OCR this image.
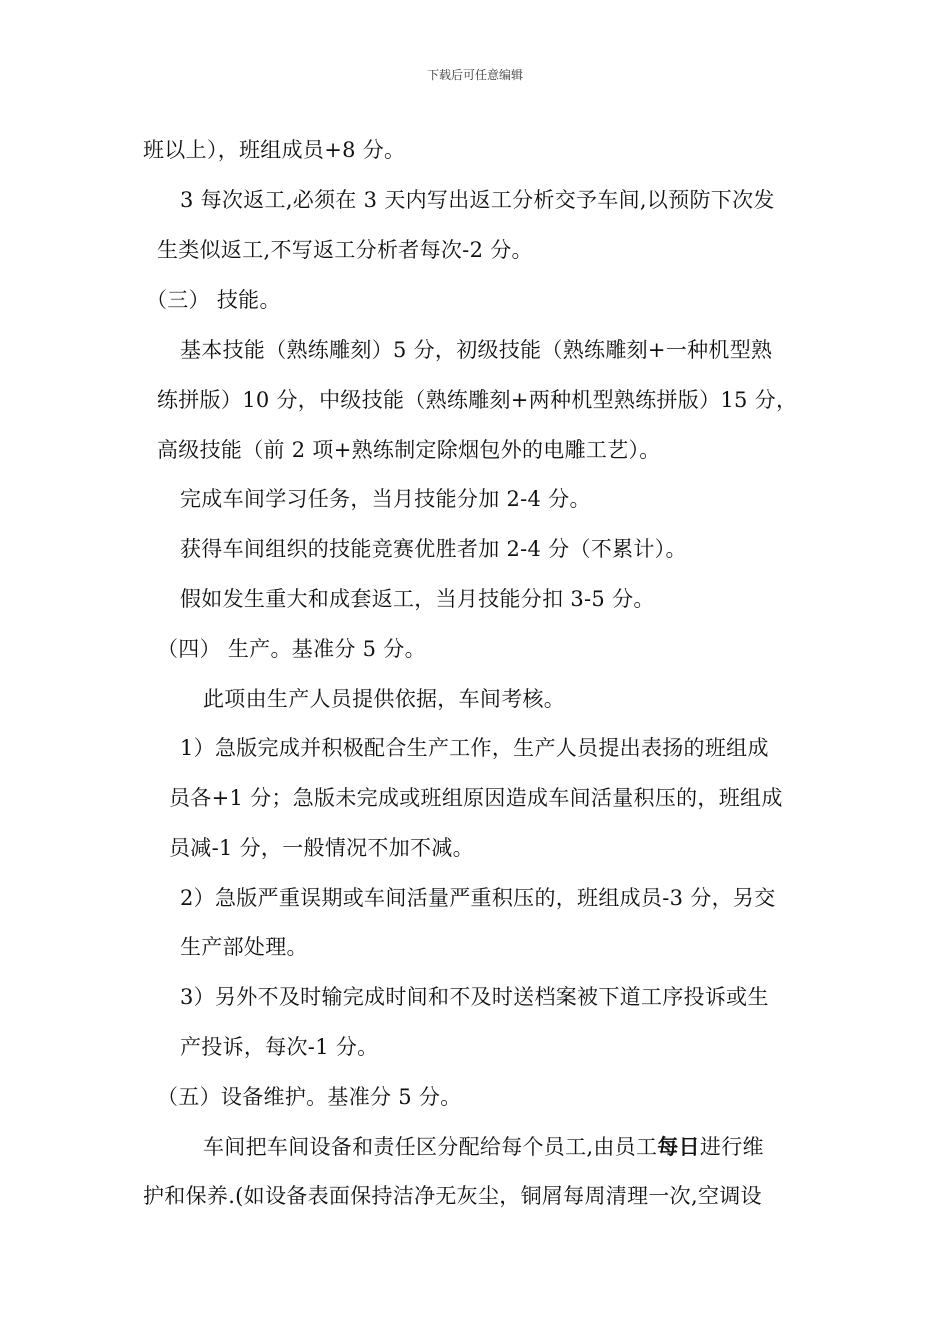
下载后可任意编辑
班以上），班组成员+8 分。
3 每次返工,必须在 3 天内写出返工分析交予车间,以预防下次发
生类似返工,不写返工分析者每次-2 分。
（三） 技能。
基本技能（熟练雕刻）5 分，初级技能（熟练雕刻+一种机型熟
练拼版）10 分，中级技能（熟练雕刻+两种机型熟练拼版）15 分，
高级技能（前 2 项+熟练制定除烟包外的电雕工艺）。
完成车间学习任务，当月技能分加 2-4 分。
获得车间组织的技能竞赛优胜者加 2-4 分（不累计）。
假如发生重大和成套返工，当月技能分扣 3-5 分。
（四） 生产。基准分 5 分。
此项由生产人员提供依据，车间考核。
1）急版完成并积极配合生产工作，生产人员提出表扬的班组成
员各+1 分；急版未完成或班组原因造成车间活量积压的，班组成
员减-1 分，一般情况不加不减。
2）急版严重误期或车间活量严重积压的，班组成员-3 分，另交
生产部处理。
3）另外不及时输完成时间和不及时送档案被下道工序投诉或生
产投诉，每次-1 分。
（五）设备维护。基准分 5 分。
车间把车间设备和责任区分配给每个员工,由员工每日进行维
护和保养.(如设备表面保持洁净无灰尘，铜屑每周清理一次,空调设
